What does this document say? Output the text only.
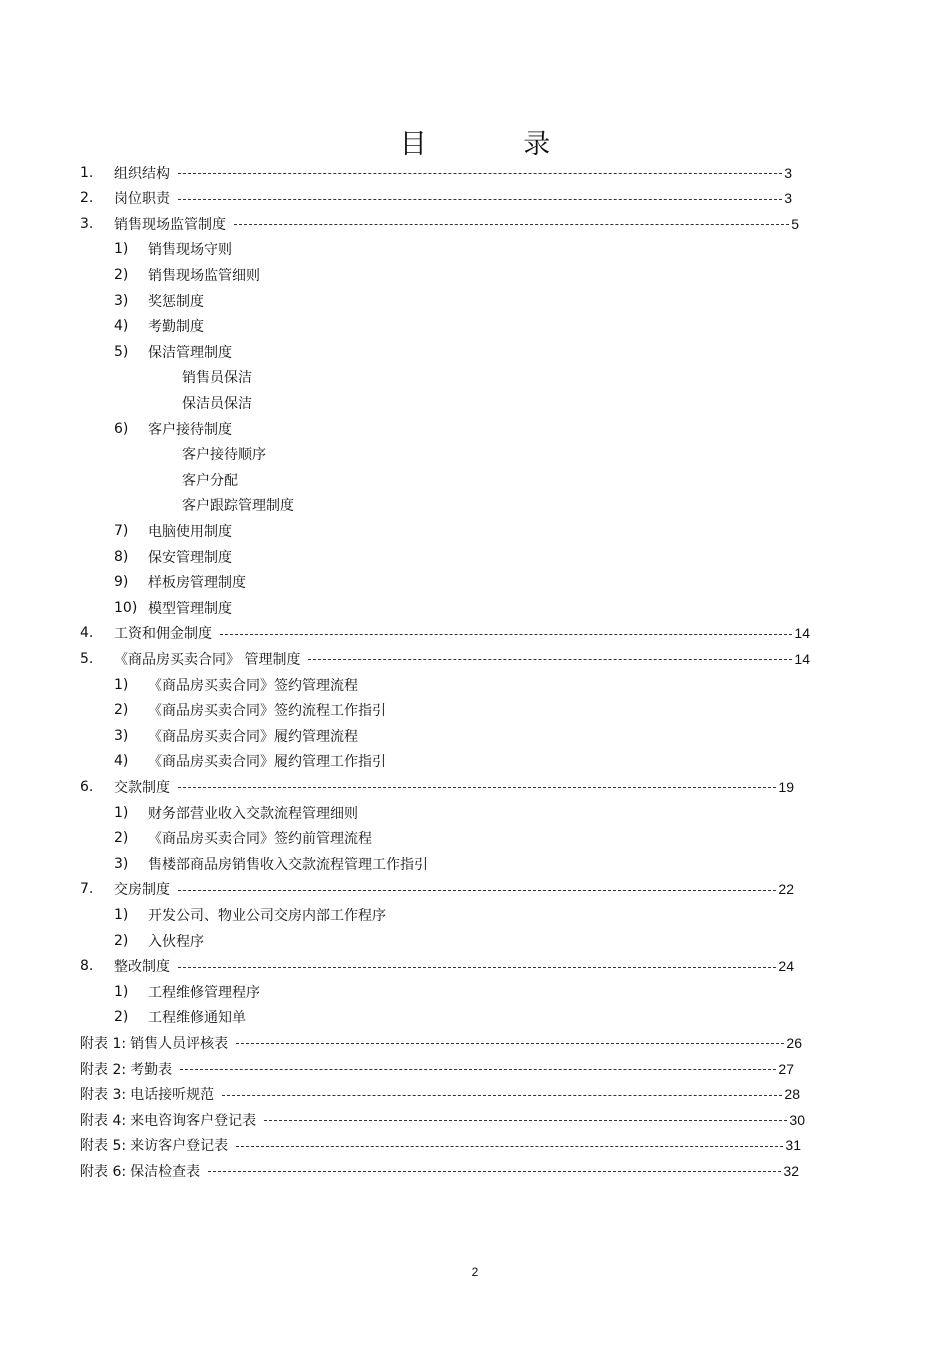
目 录
1.	组织结构	3
2.	岗位职责	3
3.	销售现场监管制度	5
1)	销售现场守则
2)	销售现场监管细则
3)	奖惩制度
4)	考勤制度
5)	保洁管理制度
销售员保洁
保洁员保洁
6)	客户接待制度
客户接待顺序
客户分配
客户跟踪管理制度
7)	电脑使用制度
8)	保安管理制度
9)	样板房管理制度
10) 模型管理制度
4.	工资和佣金制度	14
5.	《商品房买卖合同》 管理制度	14
1)	《商品房买卖合同》签约管理流程
2)	《商品房买卖合同》签约流程工作指引
3)	《商品房买卖合同》履约管理流程
4)	《商品房买卖合同》履约管理工作指引
6.	交款制度	19
1)	财务部营业收入交款流程管理细则
2)	《商品房买卖合同》签约前管理流程
3)	售楼部商品房销售收入交款流程管理工作指引
7.	交房制度	22
1)	开发公司、物业公司交房内部工作程序
2)	入伙程序
8.	整改制度	24
1)	工程维修管理程序
2)	工程维修通知单
附表 1: 销售人员评核表	26
附表 2: 考勤表	27
附表 3: 电话接听规范	28
附表 4: 来电咨询客户登记表	30
附表 5: 来访客户登记表	31
附表 6: 保洁检查表	32
2
